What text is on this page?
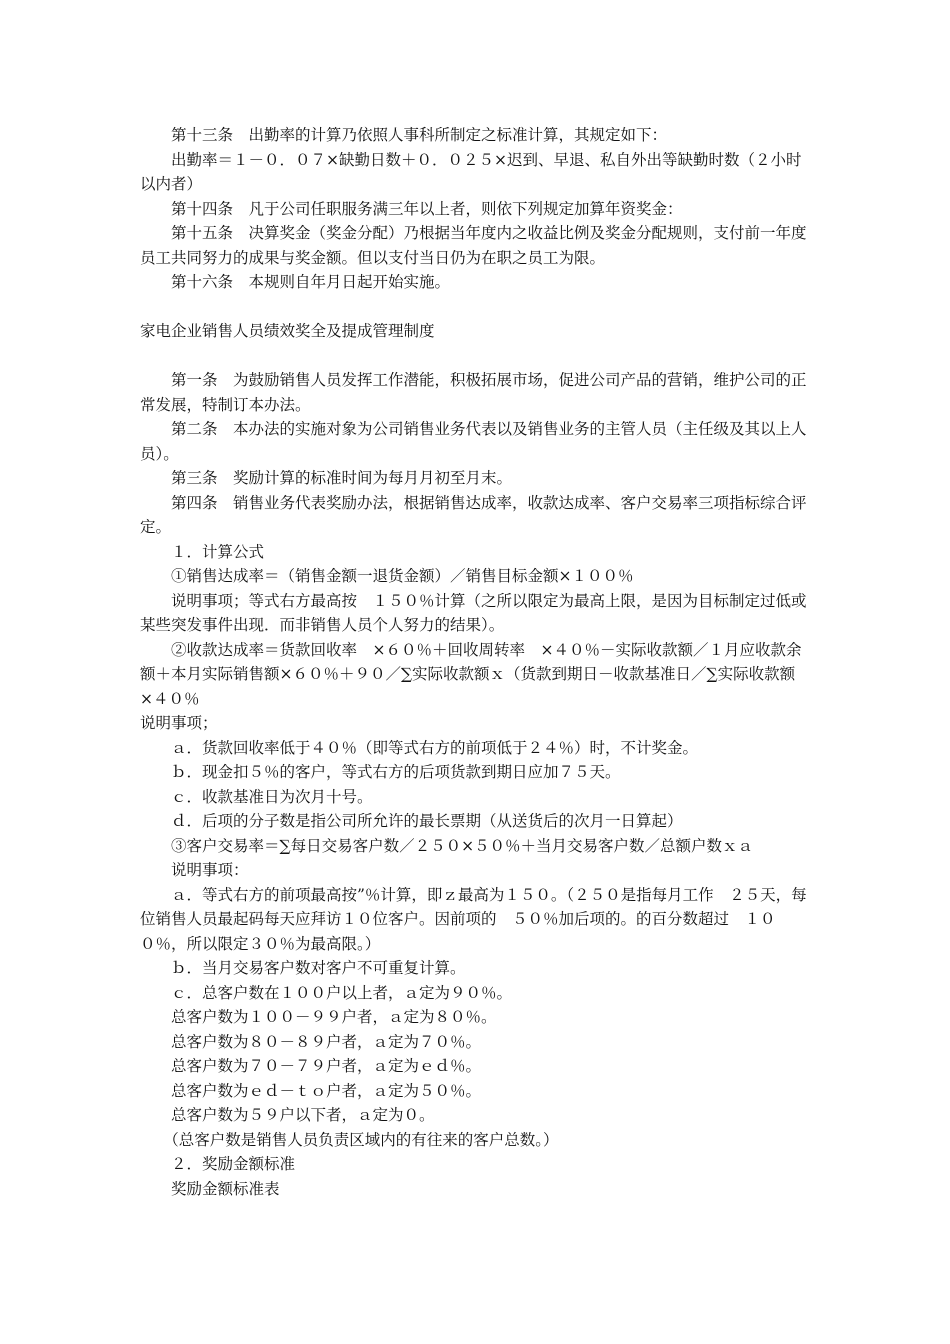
　　第十三条　出勤率的计算乃依照人事科所制定之标准计算，其规定如下：

　　出勤率＝１－０．０７×缺勤日数＋０．０２５×迟到、早退、私自外出等缺勤时数（２小时以内者）

　　第十四条　凡于公司任职服务满三年以上者，则依下列规定加算年资奖金：

　　第十五条　决算奖金（奖金分配）乃根据当年度内之收益比例及奖金分配规则，支付前一年度员工共同努力的成果与奖金额。但以支付当日仍为在职之员工为限。

　　第十六条　本规则自年月日起开始实施。

家电企业销售人员绩效奖全及提成管理制度

　　第一条　为鼓励销售人员发挥工作潜能，积极拓展市场，促进公司产品的营销，维护公司的正常发展，特制订本办法。

　　第二条　本办法的实施对象为公司销售业务代表以及销售业务的主管人员（主任级及其以上人员）。

　　第三条　奖励计算的标准时间为每月月初至月末。

　　第四条　销售业务代表奖励办法，根据销售达成率，收款达成率、客户交易率三项指标综合评定。

　　１．计算公式

　　①销售达成率＝（销售金额一退货金额）／销售目标金额×１００％

　　说明事项；等式右方最高按　１５０％计算（之所以限定为最高上限，是因为目标制定过低或某些突发事件出现．而非销售人员个人努力的结果）。

　　②收款达成率＝货款回收率　×６０％＋回收周转率　×４０％－实际收款额／１月应收款余额＋本月实际销售额×６０％＋９０／∑实际收款额ｘ（货款到期日－收款基准日／∑实际收款额　×４０％

说明事项；

　　ａ．货款回收率低于４０％（即等式右方的前项低于２４％）时，不计奖金。

　　ｂ．现金扣５％的客户，等式右方的后项货款到期日应加７５天。

　　ｃ．收款基准日为次月十号。

　　ｄ．后项的分子数是指公司所允许的最长票期（从送货后的次月一日算起）

　　③客户交易率＝∑每日交易客户数／２５０×５０％＋当月交易客户数／总额户数ｘａ

　　说明事项：

　　ａ．等式右方的前项最高按”％计算，即ｚ最高为１５０。（２５０是指每月工作　２５天，每位销售人员最起码每天应拜访１０位客户。因前项的　５０％加后项的。的百分数超过　１００％，所以限定３０％为最高限。）

　　ｂ．当月交易客户数对客户不可重复计算。

　　ｃ．总客户数在１００户以上者，ａ定为９０％。

　　总客户数为１００－９９户者，ａ定为８０％。

　　总客户数为８０－８９户者，ａ定为７０％。

　　总客户数为７０－７９户者，ａ定为ｅｄ％。

　　总客户数为ｅｄ－ｔｏ户者，ａ定为５０％。

　　总客户数为５９户以下者，ａ定为０。

　　（总客户数是销售人员负责区域内的有往来的客户总数。）

　　２．奖励金额标准

　　奖励金额标准表
